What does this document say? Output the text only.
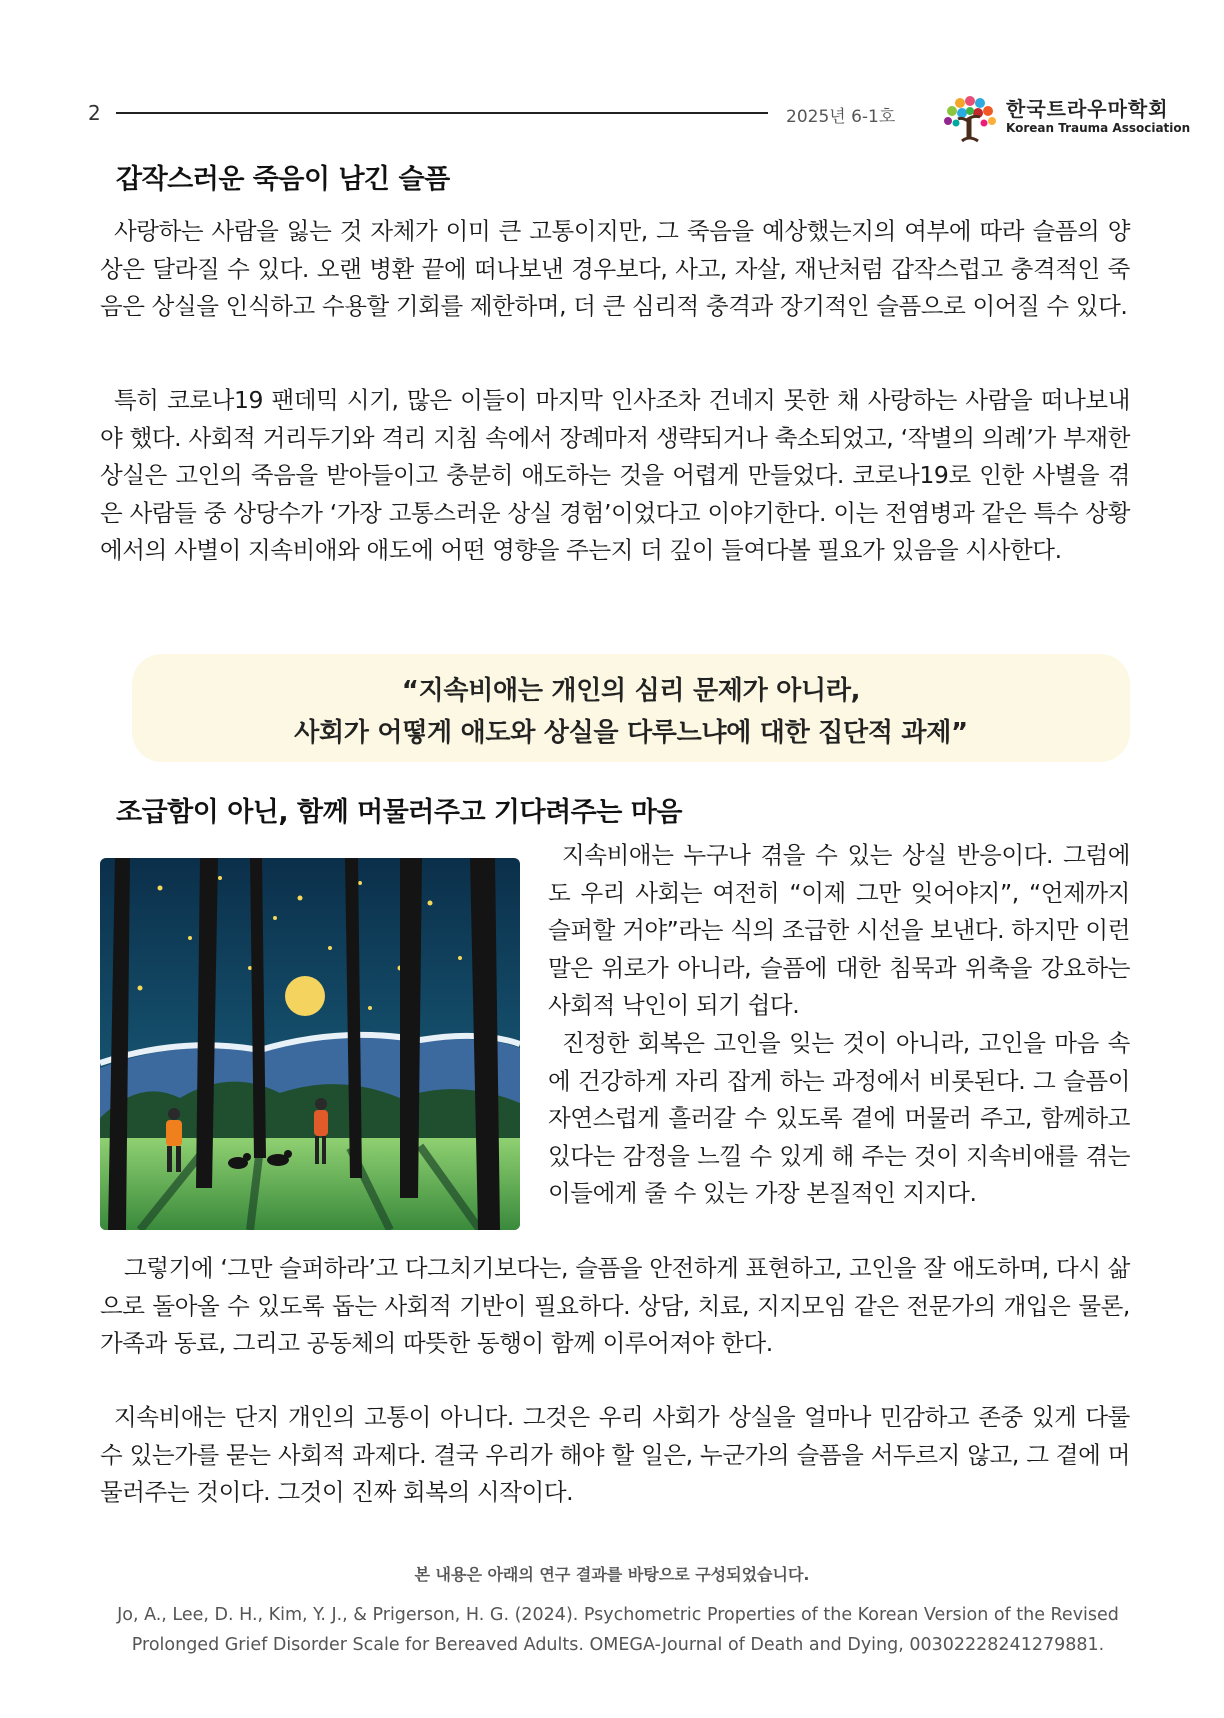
2	2025년 6-1호	한국트라우마학회
Korean Trauma Association
갑작스러운 죽음이 남긴 슬픔

사랑하는 사람을 잃는 것 자체가 이미 큰 고통이지만, 그 죽음을 예상했는지의 여부에 따라 슬픔의 양상은 달라질 수 있다. 오랜 병환 끝에 떠나보낸 경우보다, 사고, 자살, 재난처럼 갑작스럽고 충격적인 죽음은 상실을 인식하고 수용할 기회를 제한하며, 더 큰 심리적 충격과 장기적인 슬픔으로 이어질 수 있다.

특히 코로나19 팬데믹 시기, 많은 이들이 마지막 인사조차 건네지 못한 채 사랑하는 사람을 떠나보내야 했다. 사회적 거리두기와 격리 지침 속에서 장례마저 생략되거나 축소되었고, ‘작별의 의례’가 부재한 상실은 고인의 죽음을 받아들이고 충분히 애도하는 것을 어렵게 만들었다. 코로나19로 인한 사별을 겪은 사람들 중 상당수가 ‘가장 고통스러운 상실 경험’이었다고 이야기한다. 이는 전염병과 같은 특수 상황에서의 사별이 지속비애와 애도에 어떤 영향을 주는지 더 깊이 들여다볼 필요가 있음을 시사한다.

“지속비애는 개인의 심리 문제가 아니라,
사회가 어떻게 애도와 상실을 다루느냐에 대한 집단적 과제”
조급함이 아닌, 함께 머물러주고 기다려주는 마음

지속비애는 누구나 겪을 수 있는 상실 반응이다. 그럼에도 우리 사회는 여전히 “이제 그만 잊어야지”, “언제까지 슬퍼할 거야”라는 식의 조급한 시선을 보낸다. 하지만 이런 말은 위로가 아니라, 슬픔에 대한 침묵과 위축을 강요하는 사회적 낙인이 되기 쉽다.

진정한 회복은 고인을 잊는 것이 아니라, 고인을 마음 속에 건강하게 자리 잡게 하는 과정에서 비롯된다. 그 슬픔이 자연스럽게 흘러갈 수 있도록 곁에 머물러 주고, 함께하고 있다는 감정을 느낄 수 있게 해 주는 것이 지속비애를 겪는 이들에게 줄 수 있는 가장 본질적인 지지다.

그렇기에 ‘그만 슬퍼하라’고 다그치기보다는, 슬픔을 안전하게 표현하고, 고인을 잘 애도하며, 다시 삶으로 돌아올 수 있도록 돕는 사회적 기반이 필요하다. 상담, 치료, 지지모임 같은 전문가의 개입은 물론, 가족과 동료, 그리고 공동체의 따뜻한 동행이 함께 이루어져야 한다.

지속비애는 단지 개인의 고통이 아니다. 그것은 우리 사회가 상실을 얼마나 민감하고 존중 있게 다룰 수 있는가를 묻는 사회적 과제다. 결국 우리가 해야 할 일은, 누군가의 슬픔을 서두르지 않고, 그 곁에 머물러주는 것이다. 그것이 진짜 회복의 시작이다.

본 내용은 아래의 연구 결과를 바탕으로 구성되었습니다.
Jo, A., Lee, D. H., Kim, Y. J., & Prigerson, H. G. (2024). Psychometric Properties of the Korean Version of the Revised
Prolonged Grief Disorder Scale for Bereaved Adults. OMEGA-Journal of Death and Dying, 00302228241279881.
